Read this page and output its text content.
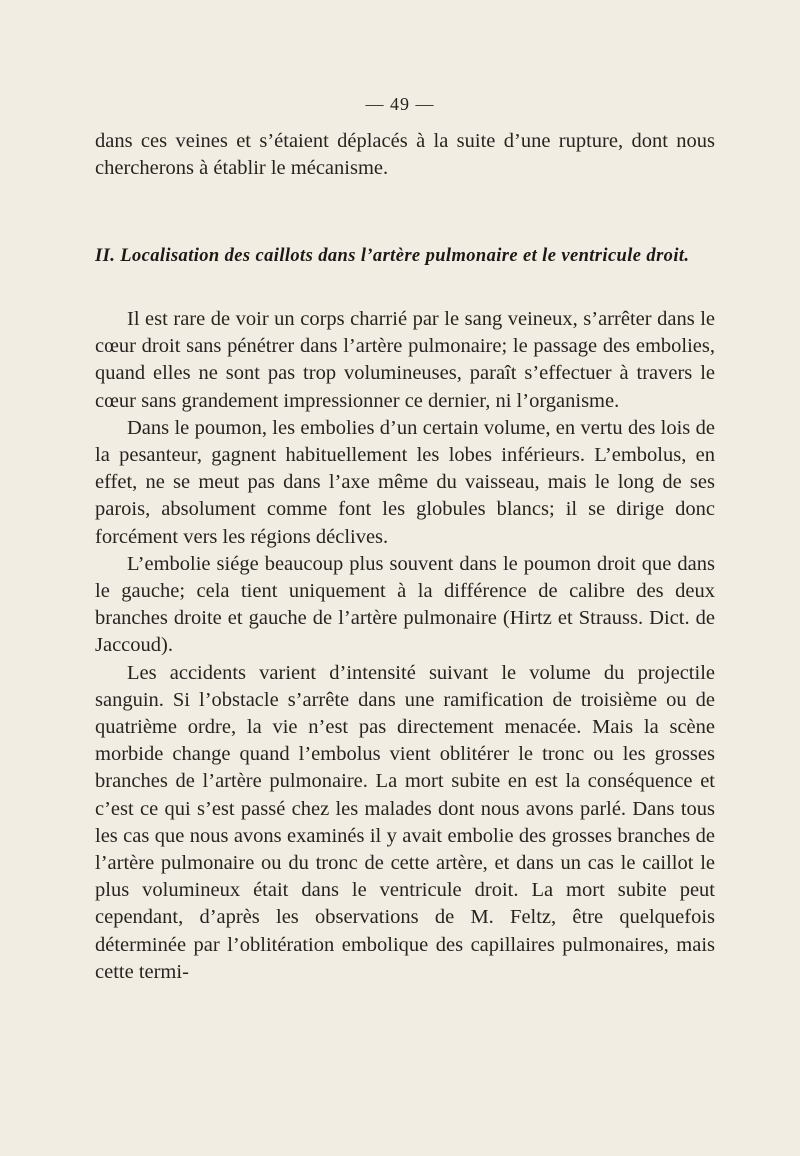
— 49 —

dans ces veines et s’étaient déplacés à la suite d’une rupture, dont nous chercherons à établir le mécanisme.

II. Localisation des caillots dans l’artère pulmonaire et le ventricule droit.

Il est rare de voir un corps charrié par le sang veineux, s’arrêter dans le cœur droit sans pénétrer dans l’artère pulmonaire; le passage des embolies, quand elles ne sont pas trop volumineuses, paraît s’effectuer à travers le cœur sans grandement impressionner ce dernier, ni l’organisme.

Dans le poumon, les embolies d’un certain volume, en vertu des lois de la pesanteur, gagnent habituellement les lobes inférieurs. L’embolus, en effet, ne se meut pas dans l’axe même du vaisseau, mais le long de ses parois, absolument comme font les globules blancs; il se dirige donc forcément vers les régions déclives.

L’embolie siége beaucoup plus souvent dans le poumon droit que dans le gauche; cela tient uniquement à la différence de calibre des deux branches droite et gauche de l’artère pulmonaire (Hirtz et Strauss. Dict. de Jaccoud).

Les accidents varient d’intensité suivant le volume du projectile sanguin. Si l’obstacle s’arrête dans une ramification de troisième ou de quatrième ordre, la vie n’est pas directement menacée. Mais la scène morbide change quand l’embolus vient oblitérer le tronc ou les grosses branches de l’artère pulmonaire. La mort subite en est la conséquence et c’est ce qui s’est passé chez les malades dont nous avons parlé. Dans tous les cas que nous avons examinés il y avait embolie des grosses branches de l’artère pulmonaire ou du tronc de cette artère, et dans un cas le caillot le plus volumineux était dans le ventricule droit. La mort subite peut cependant, d’après les observations de M. Feltz, être quelquefois déterminée par l’oblitération embolique des capillaires pulmonaires, mais cette termi-
